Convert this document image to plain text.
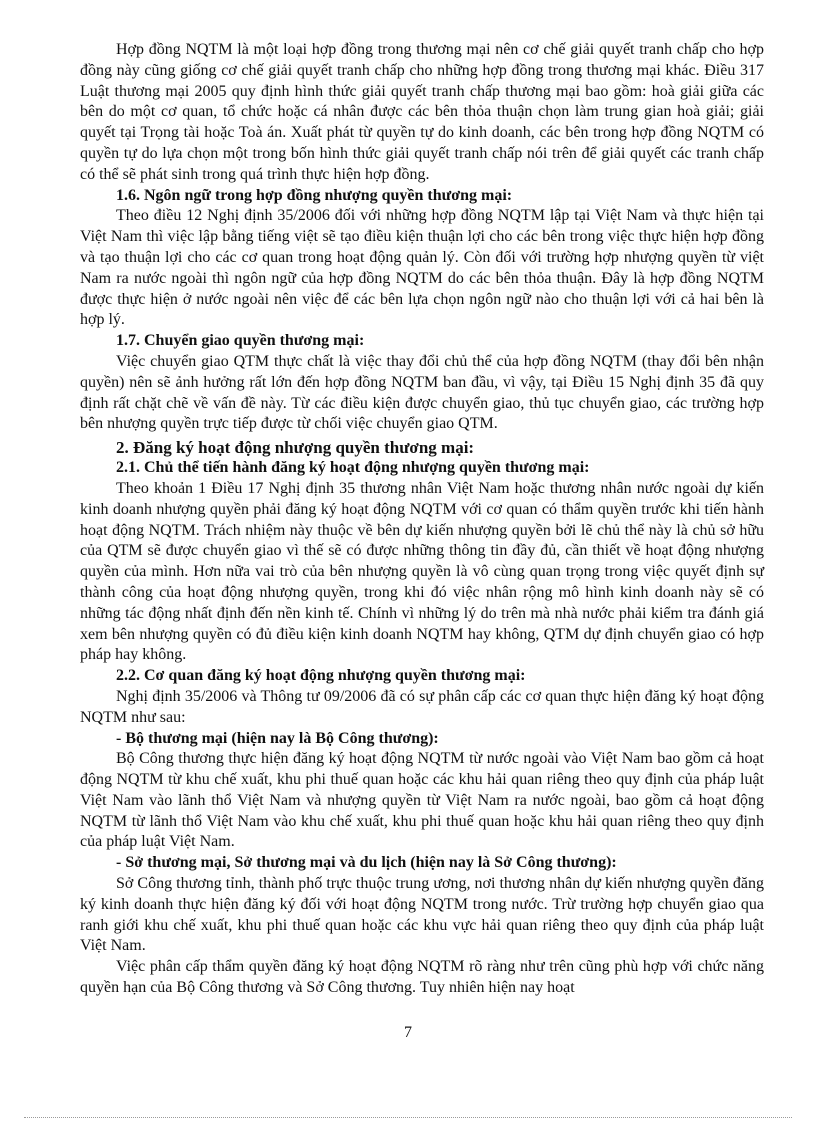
Hợp đồng NQTM là một loại hợp đồng trong thương mại nên cơ chế giải quyết tranh chấp cho hợp đồng này cũng giống cơ chế giải quyết tranh chấp cho những hợp đồng trong thương mại khác. Điều 317 Luật thương mại 2005 quy định hình thức giải quyết tranh chấp thương mại bao gồm: hoà giải giữa các bên do một cơ quan, tổ chức hoặc cá nhân được các bên thỏa thuận chọn làm trung gian hoà giải; giải quyết tại Trọng tài hoặc Toà án. Xuất phát từ quyền tự do kinh doanh, các bên trong hợp đồng NQTM có quyền tự do lựa chọn một trong bốn hình thức giải quyết tranh chấp nói trên để giải quyết các tranh chấp có thể sẽ phát sinh trong quá trình thực hiện hợp đồng.

1.6. Ngôn ngữ trong hợp đồng nhượng quyền thương mại:

Theo điều 12 Nghị định 35/2006 đối với những hợp đồng NQTM lập tại Việt Nam và thực hiện tại Việt Nam thì việc lập bằng tiếng việt sẽ tạo điều kiện thuận lợi cho các bên trong việc thực hiện hợp đồng và tạo thuận lợi cho các cơ quan trong hoạt động quản lý. Còn đối với trường hợp nhượng quyền từ việt Nam ra nước ngoài thì ngôn ngữ của hợp đồng NQTM do các bên thỏa thuận. Đây là hợp đồng NQTM được thực hiện ở nước ngoài nên việc để các bên lựa chọn ngôn ngữ nào cho thuận lợi với cả hai bên là hợp lý.

1.7. Chuyển giao quyền thương mại:

Việc chuyển giao QTM thực chất là việc thay đổi chủ thể của hợp đồng NQTM (thay đổi bên nhận quyền) nên sẽ ảnh hưởng rất lớn đến hợp đồng NQTM ban đầu, vì vậy, tại Điều 15 Nghị định 35 đã quy định rất chặt chẽ về vấn đề này. Từ các điều kiện được chuyển giao, thủ tục chuyển giao, các trường hợp bên nhượng quyền trực tiếp được từ chối việc chuyển giao QTM.

2. Đăng ký hoạt động nhượng quyền thương mại:
2.1. Chủ thể tiến hành đăng ký hoạt động nhượng quyền thương mại:

Theo khoản 1 Điều 17 Nghị định 35 thương nhân Việt Nam hoặc thương nhân nước ngoài dự kiến kinh doanh nhượng quyền phải đăng ký hoạt động NQTM với cơ quan có thẩm quyền trước khi tiến hành hoạt động NQTM. Trách nhiệm này thuộc về bên dự kiến nhượng quyền bởi lẽ chủ thể này là chủ sở hữu của QTM sẽ được chuyển giao vì thế sẽ có được những thông tin đầy đủ, cần thiết về hoạt động nhượng quyền của mình. Hơn nữa vai trò của bên nhượng quyền là vô cùng quan trọng trong việc quyết định sự thành công của hoạt động nhượng quyền, trong khi đó việc nhân rộng mô hình kinh doanh này sẽ có những tác động nhất định đến nền kinh tế. Chính vì những lý do trên mà nhà nước phải kiểm tra đánh giá xem bên nhượng quyền có đủ điều kiện kinh doanh NQTM hay không, QTM dự định chuyển giao có hợp pháp hay không.

2.2. Cơ quan đăng ký hoạt động nhượng quyền thương mại:

Nghị định 35/2006 và Thông tư 09/2006 đã có sự phân cấp các cơ quan thực hiện đăng ký hoạt động NQTM như sau:

- Bộ thương mại (hiện nay là Bộ Công thương):

Bộ Công thương thực hiện đăng ký hoạt động NQTM từ nước ngoài vào Việt Nam bao gồm cả hoạt động NQTM từ khu chế xuất, khu phi thuế quan hoặc các khu hải quan riêng theo quy định của pháp luật Việt Nam vào lãnh thổ Việt Nam và nhượng quyền từ Việt Nam ra nước ngoài, bao gồm cả hoạt động NQTM từ lãnh thổ Việt Nam vào khu chế xuất, khu phi thuế quan hoặc khu hải quan riêng theo quy định của pháp luật Việt Nam.

- Sở thương mại, Sở thương mại và du lịch (hiện nay là Sở Công thương):

Sở Công thương tỉnh, thành phố trực thuộc trung ương, nơi thương nhân dự kiến nhượng quyền đăng ký kinh doanh thực hiện đăng ký đối với hoạt động NQTM trong nước. Trừ trường hợp chuyển giao qua ranh giới khu chế xuất, khu phi thuế quan hoặc các khu vực hải quan riêng theo quy định của pháp luật Việt Nam.

Việc phân cấp thẩm quyền đăng ký hoạt động NQTM rõ ràng như trên cũng phù hợp với chức năng quyền hạn của Bộ Công thương và Sở Công thương. Tuy nhiên hiện nay hoạt

7
